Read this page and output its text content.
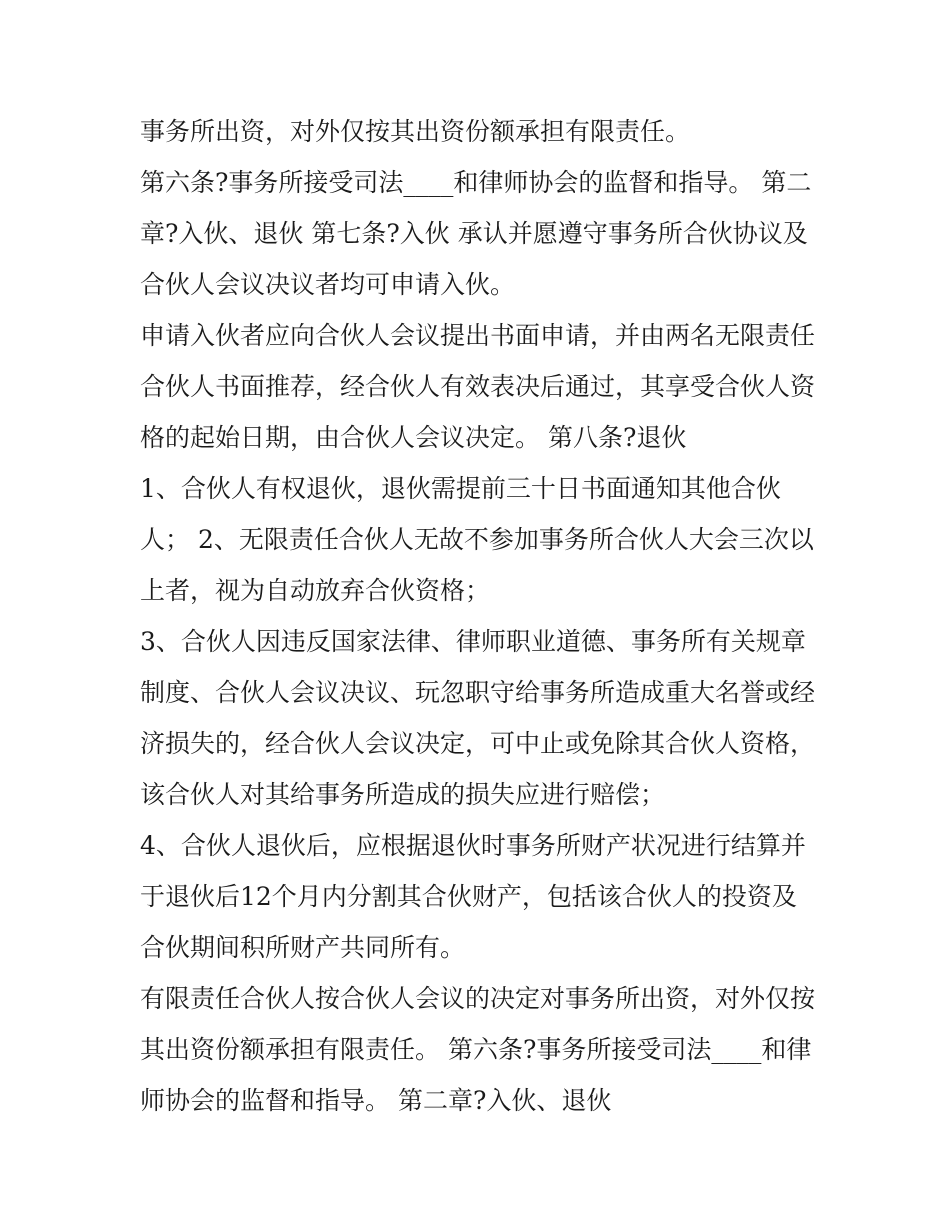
事务所出资，对外仅按其出资份额承担有限责任。
第六条?事务所接受司法____和律师协会的监督和指导。 第二
章?入伙、退伙 第七条?入伙 承认并愿遵守事务所合伙协议及
合伙人会议决议者均可申请入伙。
申请入伙者应向合伙人会议提出书面申请，并由两名无限责任
合伙人书面推荐，经合伙人有效表决后通过，其享受合伙人资
格的起始日期，由合伙人会议决定。 第八条?退伙
1、合伙人有权退伙，退伙需提前三十日书面通知其他合伙
人； 2、无限责任合伙人无故不参加事务所合伙人大会三次以
上者，视为自动放弃合伙资格；
3、合伙人因违反国家法律、律师职业道德、事务所有关规章
制度、合伙人会议决议、玩忽职守给事务所造成重大名誉或经
济损失的，经合伙人会议决定，可中止或免除其合伙人资格，
该合伙人对其给事务所造成的损失应进行赔偿；
4、合伙人退伙后，应根据退伙时事务所财产状况进行结算并
于退伙后12个月内分割其合伙财产，包括该合伙人的投资及
合伙期间积所财产共同所有。
有限责任合伙人按合伙人会议的决定对事务所出资，对外仅按
其出资份额承担有限责任。 第六条?事务所接受司法____和律
师协会的监督和指导。 第二章?入伙、退伙
